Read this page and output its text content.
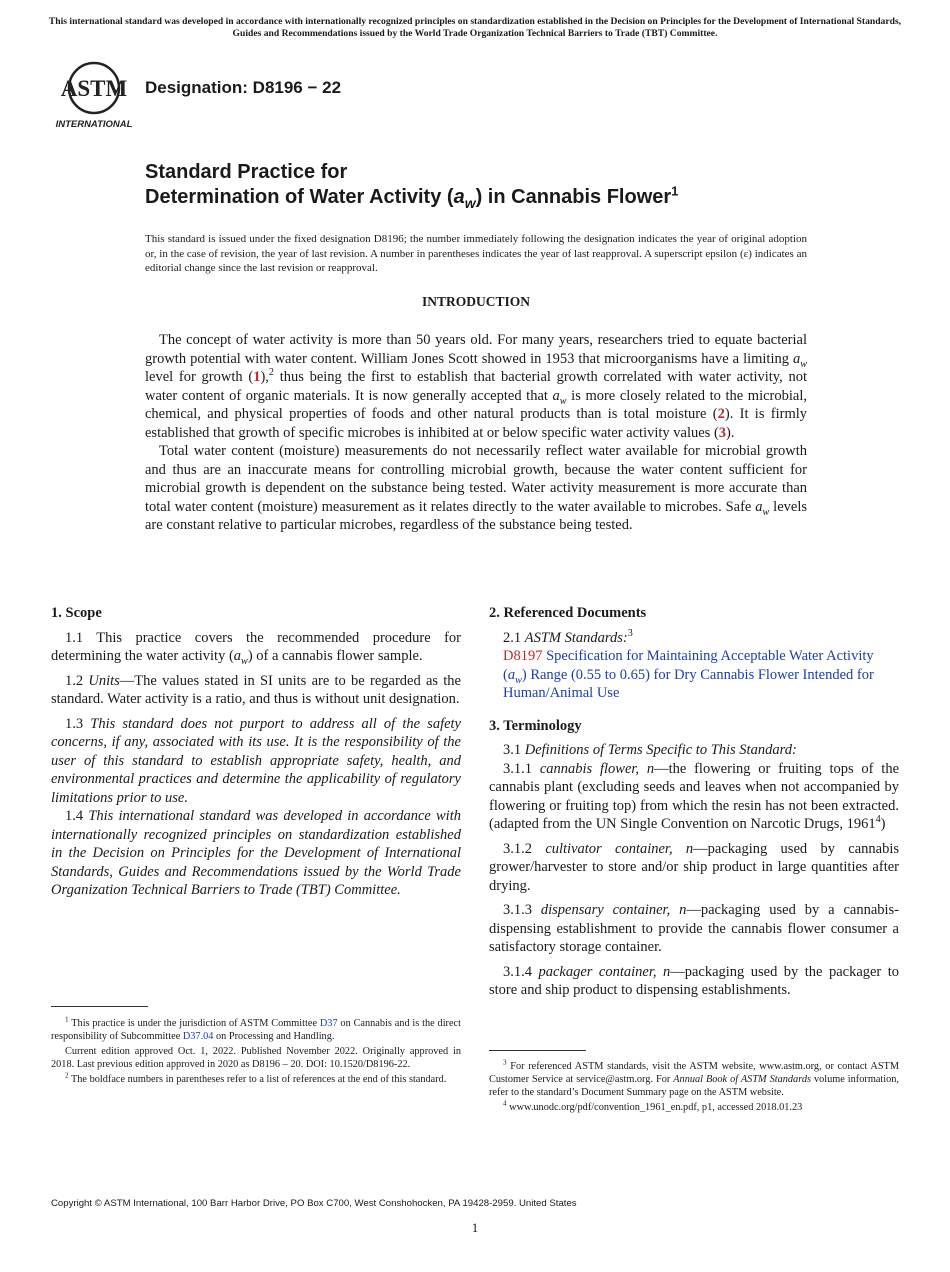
This international standard was developed in accordance with internationally recognized principles on standardization established in the Decision on Principles for the Development of International Standards, Guides and Recommendations issued by the World Trade Organization Technical Barriers to Trade (TBT) Committee.
ASTM
INTERNATIONAL
Designation: D8196 − 22
Standard Practice for
Determination of Water Activity $(a_w)$ in Cannabis Flower$^1$
This standard is issued under the fixed designation D8196; the number immediately following the designation indicates the year of original adoption or, in the case of revision, the year of last revision. A number in parentheses indicates the year of last reapproval. A superscript epsilon (ε) indicates an editorial change since the last revision or reapproval.
INTRODUCTION

The concept of water activity is more than 50 years old. For many years, researchers tried to equate bacterial growth potential with water content. William Jones Scott showed in 1953 that microorganisms have a limiting $a_w$ level for growth (1),$^2$ thus being the first to establish that bacterial growth correlated with water activity, not water content of organic materials. It is now generally accepted that $a_w$ is more closely related to the microbial, chemical, and physical properties of foods and other natural products than is total moisture (2). It is firmly established that growth of specific microbes is inhibited at or below specific water activity values (3).

Total water content (moisture) measurements do not necessarily reflect water available for microbial growth and thus are an inaccurate means for controlling microbial growth, because the water content sufficient for microbial growth is dependent on the substance being tested. Water activity measurement is more accurate than total water content (moisture) measurement as it relates directly to the water available to microbes. Safe $a_w$ levels are constant relative to particular microbes, regardless of the substance being tested.

1. Scope

1.1 This practice covers the recommended procedure for determining the water activity $(a_w)$ of a cannabis flower sample.

1.2 Units—The values stated in SI units are to be regarded as the standard. Water activity is a ratio, and thus is without unit designation.

1.3 This standard does not purport to address all of the safety concerns, if any, associated with its use. It is the responsibility of the user of this standard to establish appropriate safety, health, and environmental practices and determine the applicability of regulatory limitations prior to use.

1.4 This international standard was developed in accordance with internationally recognized principles on standardization established in the Decision on Principles for the Development of International Standards, Guides and Recommendations issued by the World Trade Organization Technical Barriers to Trade (TBT) Committee.

2. Referenced Documents

2.1 ASTM Standards:$^3$

D8197 Specification for Maintaining Acceptable Water Activity $(a_w)$ Range (0.55 to 0.65) for Dry Cannabis Flower Intended for Human/Animal Use

3. Terminology

3.1 Definitions of Terms Specific to This Standard:

3.1.1 cannabis flower, n—the flowering or fruiting tops of the cannabis plant (excluding seeds and leaves when not accompanied by flowering or fruiting top) from which the resin has not been extracted. (adapted from the UN Single Convention on Narcotic Drugs, 1961$^4$)

3.1.2 cultivator container, n—packaging used by cannabis grower/harvester to store and/or ship product in large quantities after drying.

3.1.3 dispensary container, n—packaging used by a cannabis-dispensing establishment to provide the cannabis flower consumer a satisfactory storage container.

3.1.4 packager container, n—packaging used by the packager to store and ship product to dispensing establishments.

$^1$ This practice is under the jurisdiction of ASTM Committee D37 on Cannabis and is the direct responsibility of Subcommittee D37.04 on Processing and Handling.

Current edition approved Oct. 1, 2022. Published November 2022. Originally approved in 2018. Last previous edition approved in 2020 as D8196 – 20. DOI: 10.1520/D8196-22.

$^2$ The boldface numbers in parentheses refer to a list of references at the end of this standard.

$^3$ For referenced ASTM standards, visit the ASTM website, www.astm.org, or contact ASTM Customer Service at service@astm.org. For Annual Book of ASTM Standards volume information, refer to the standard’s Document Summary page on the ASTM website.

$^4$ www.unodc.org/pdf/convention_1961_en.pdf, p1, accessed 2018.01.23

Copyright © ASTM International, 100 Barr Harbor Drive, PO Box C700, West Conshohocken, PA 19428-2959. United States
1
